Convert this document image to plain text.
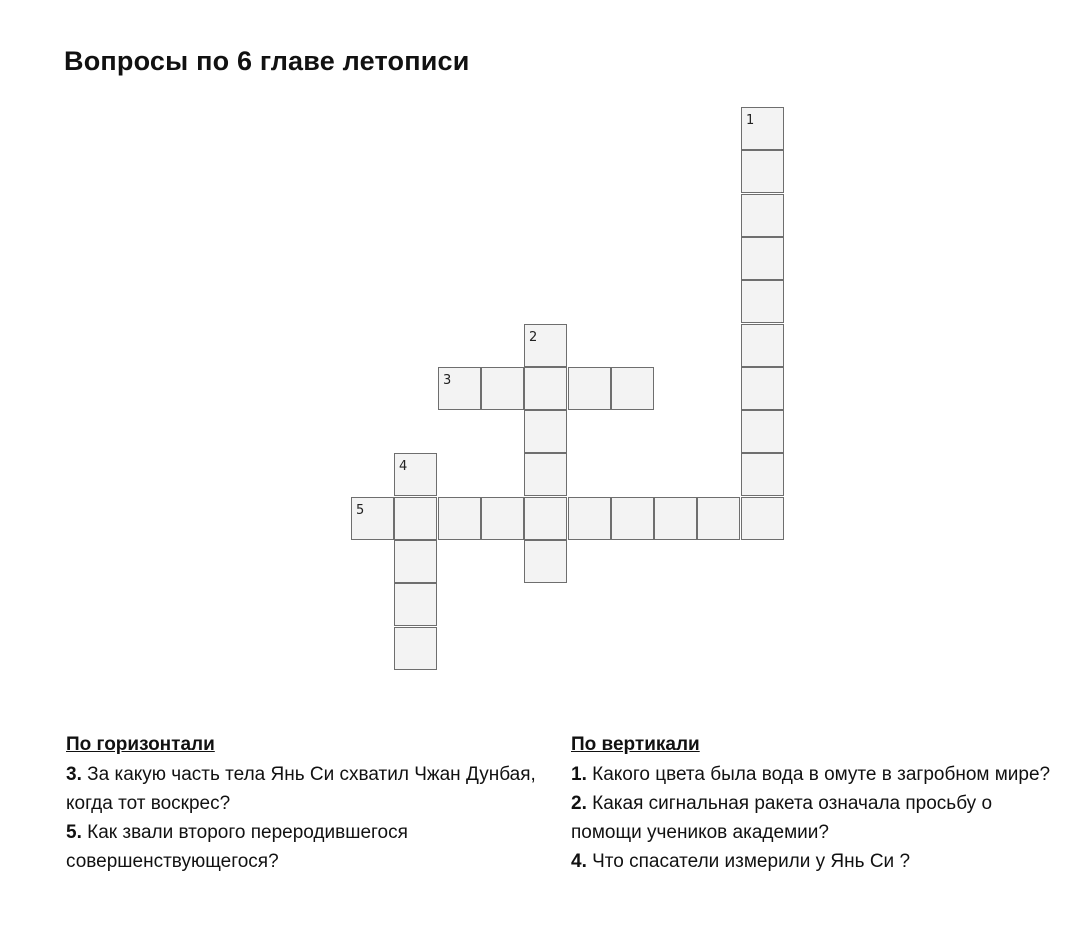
Вопросы по 6 главе летописи
1
2
3
4
5
По горизонтали

3. За какую часть тела Янь Си схватил Чжан Дунбая, когда тот воскрес?

5. Как звали второго переродившегося совершенствующегося?

По вертикали

1. Какого цвета была вода в омуте в загробном мире?

2. Какая сигнальная ракета означала просьбу о помощи учеников академии?

4. Что спасатели измерили у Янь Си ?
